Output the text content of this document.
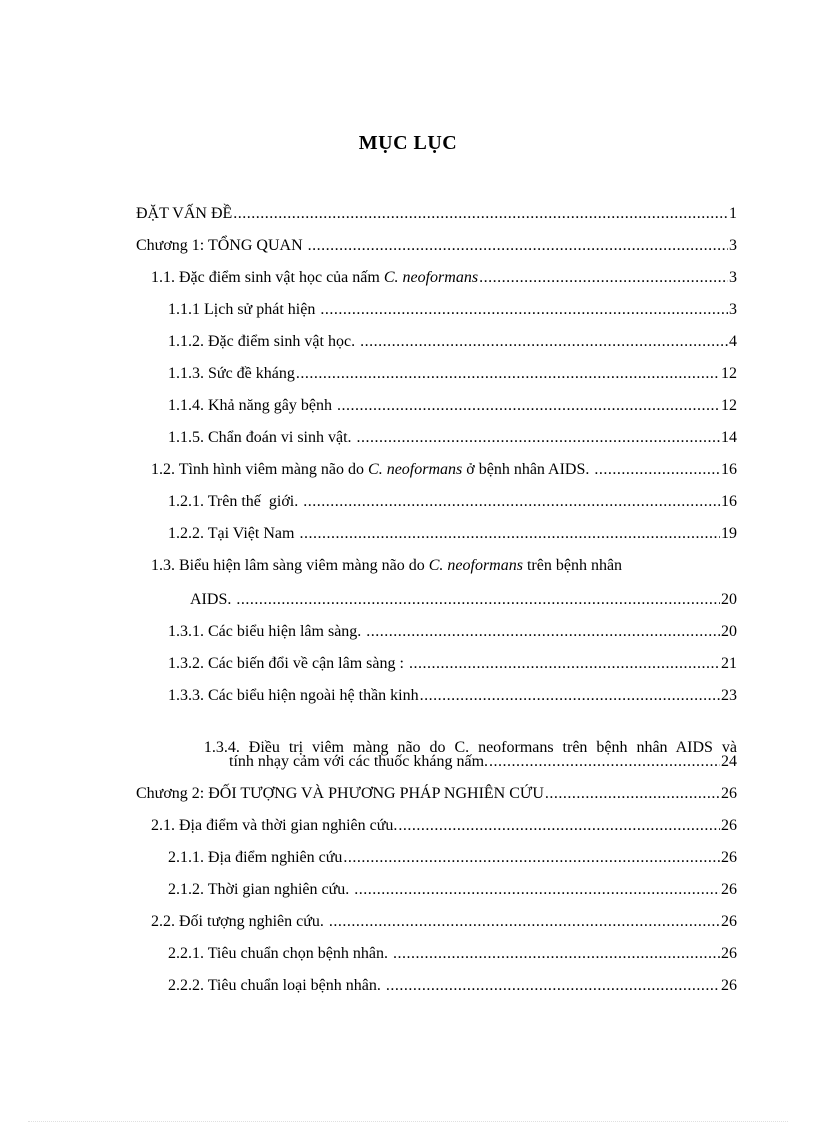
MỤC LỤC
ĐẶT VẤN ĐỀ .....	1
Chương 1: TỔNG QUAN .....	3
1.1. Đặc điểm sinh vật học của nấm C. neoformans .....	3
1.1.1 Lịch sử phát hiện .....	3
1.1.2. Đặc điểm sinh vật học. .....	4
1.1.3. Sức đề kháng .....	12
1.1.4. Khả năng gây bệnh .....	12
1.1.5. Chẩn đoán vi sinh vật. .....	14
1.2. Tình hình viêm màng não do C. neoformans ở bệnh nhân AIDS. .....	16
1.2.1. Trên thế  giới. .....	16
1.2.2. Tại Việt Nam .....	19
1.3. Biểu hiện lâm sàng viêm màng não do C. neoformans trên bệnh nhân
AIDS. .....	20
1.3.1. Các biểu hiện lâm sàng. .....	20
1.3.2. Các biến đổi về cận lâm sàng : .....	21
1.3.3. Các biểu hiện ngoài hệ thần kinh .....	23

1.3.4. Điều trị viêm màng não do C. neoformans trên bệnh nhân AIDS và

tính nhạy cảm với các thuốc kháng nấm. .....	24
Chương 2: ĐỐI TƯỢNG VÀ PHƯƠNG PHÁP NGHIÊN CỨU .....	26
2.1. Địa điểm và thời gian nghiên cứu. .....	26
2.1.1. Địa điểm nghiên cứu .....	26
2.1.2. Thời gian nghiên cứu. .....	26
2.2. Đối tượng nghiên cứu. .....	26
2.2.1. Tiêu chuẩn chọn bệnh nhân. .....	26
2.2.2. Tiêu chuẩn loại bệnh nhân. .....	26
